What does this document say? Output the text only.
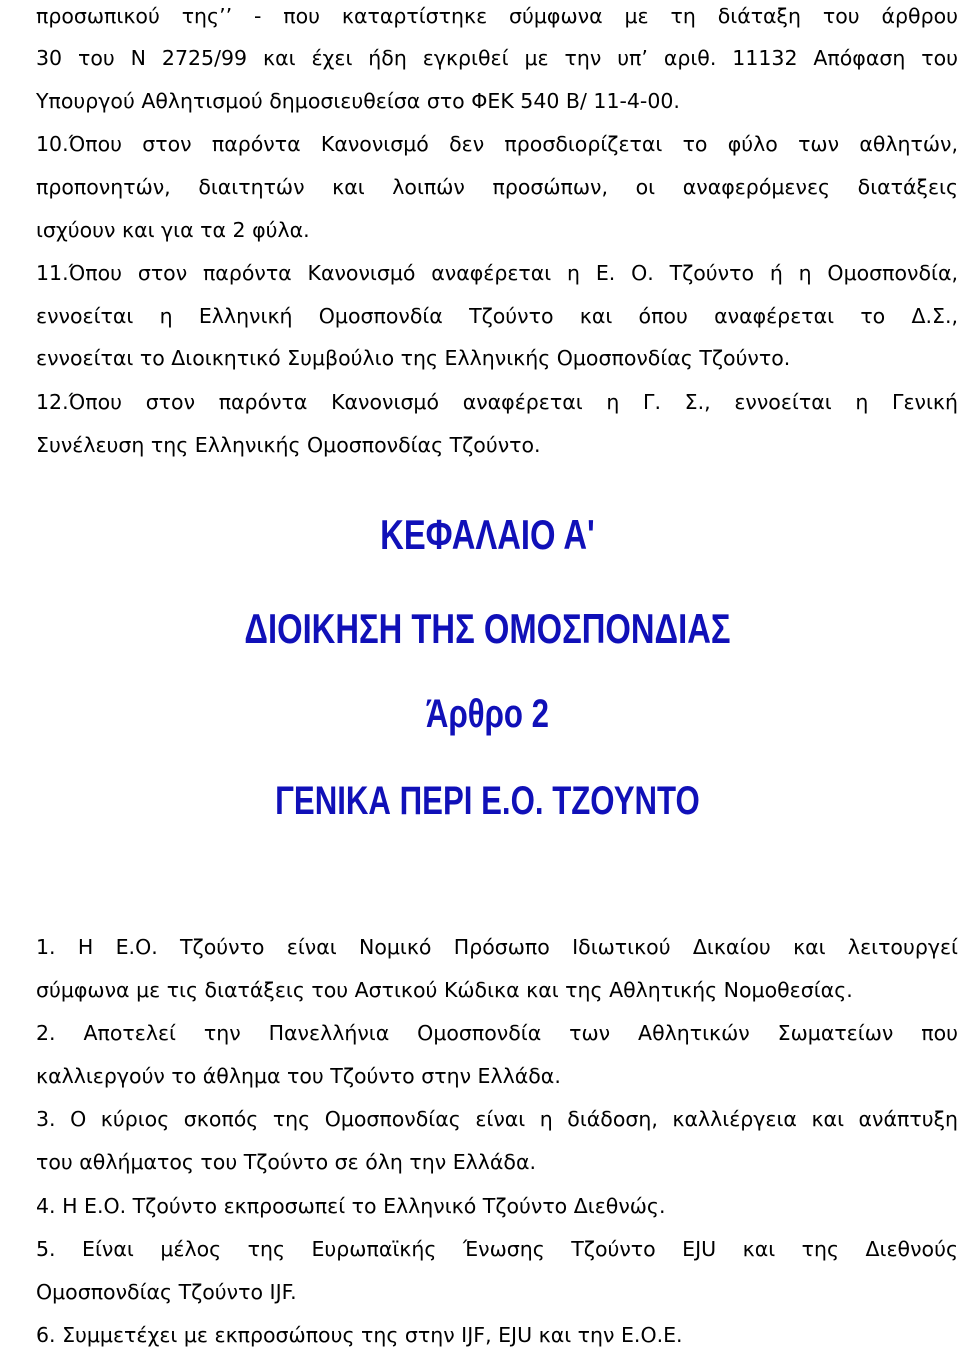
προσωπικού της’’ - που καταρτίστηκε σύμφωνα με τη διάταξη του άρθρου
30 του Ν 2725/99 και έχει ήδη εγκριθεί με την υπ’ αριθ. 11132 Απόφαση του
Υπουργού Αθλητισμού δημοσιευθείσα στο ΦΕΚ 540 Β/ 11-4-00.
10.Όπου στον παρόντα Κανονισμό δεν προσδιορίζεται το φύλο των αθλητών,
προπονητών, διαιτητών και λοιπών προσώπων, οι αναφερόμενες διατάξεις
ισχύουν και για τα 2 φύλα.
11.Όπου στον παρόντα Κανονισμό αναφέρεται η Ε. Ο. Τζούντο ή η Ομοσπονδία,
εννοείται η Ελληνική Ομοσπονδία Τζούντο και όπου αναφέρεται το Δ.Σ.,
εννοείται το Διοικητικό Συμβούλιο της Ελληνικής Ομοσπονδίας Τζούντο.
12.Όπου στον παρόντα Κανονισμό αναφέρεται η Γ. Σ., εννοείται η Γενική
Συνέλευση της Ελληνικής Ομοσπονδίας Τζούντο.
ΚΕΦΑΛΑΙΟ Α'
ΔΙΟΙΚΗΣΗ ΤΗΣ ΟΜΟΣΠΟΝΔΙΑΣ
Άρθρο 2
ΓΕΝΙΚΑ ΠΕΡΙ Ε.Ο. ΤΖΟΥΝΤΟ
1. Η Ε.Ο. Τζούντο είναι Νομικό Πρόσωπο Ιδιωτικού Δικαίου και λειτουργεί
σύμφωνα με τις διατάξεις του Αστικού Κώδικα και της Αθλητικής Νομοθεσίας.
2. Αποτελεί την Πανελλήνια Ομοσπονδία των Αθλητικών Σωματείων που
καλλιεργούν το άθλημα του Τζούντο στην Ελλάδα.
3. Ο κύριος σκοπός της Ομοσπονδίας είναι η διάδοση, καλλιέργεια και ανάπτυξη
του αθλήματος του Τζούντο σε όλη την Ελλάδα.
4. Η Ε.Ο. Τζούντο εκπροσωπεί το Ελληνικό Τζούντο Διεθνώς.
5. Είναι μέλος της Ευρωπαϊκής Ένωσης Τζούντο EJU και της Διεθνούς
Ομοσπονδίας Τζούντο IJF.
6. Συμμετέχει με εκπροσώπους της στην IJF, EJU και την Ε.Ο.Ε.
